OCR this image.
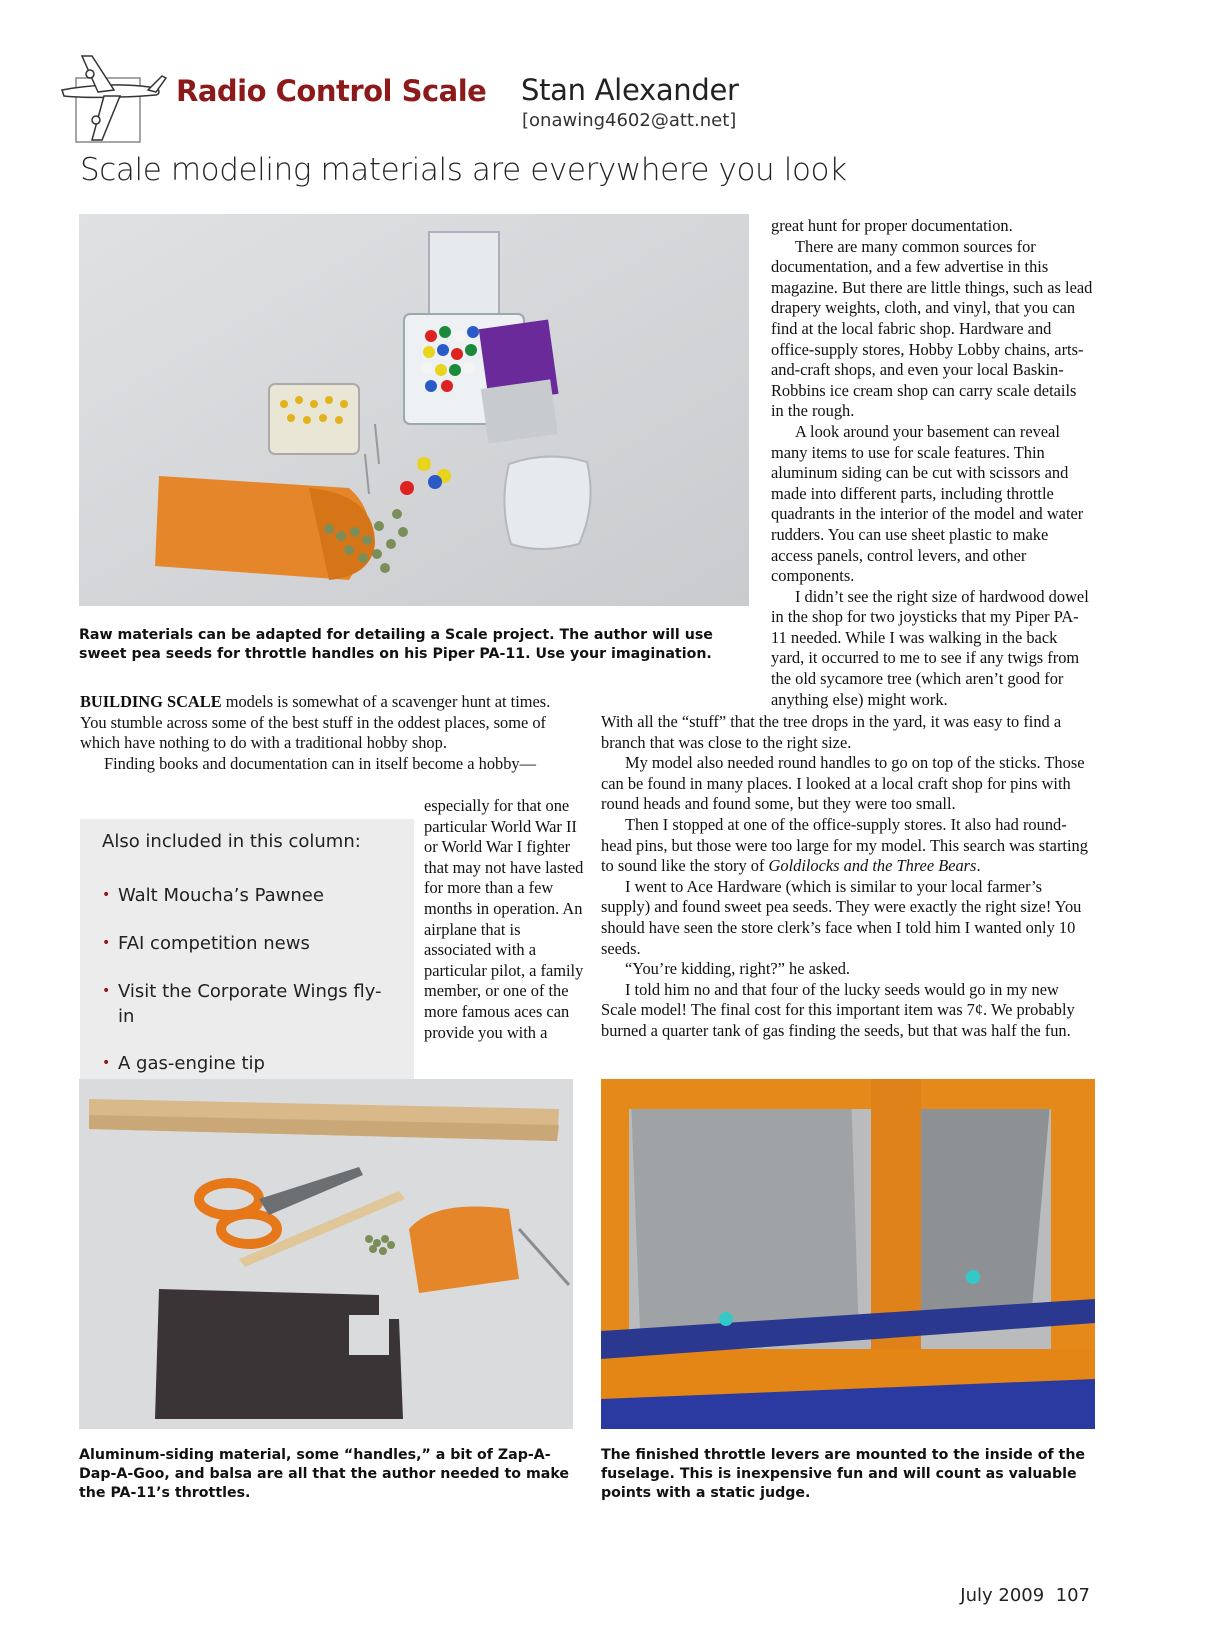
Radio Control Scale Stan Alexander
[onawing4602@att.net]
Scale modeling materials are everywhere you look
Raw materials can be adapted for detailing a Scale project. The author will use sweet pea seeds for throttle handles on his Piper PA-11. Use your imagination.

great hunt for proper documentation.

There are many common sources for documentation, and a few advertise in this magazine. But there are little things, such as lead drapery weights, cloth, and vinyl, that you can find at the local fabric shop. Hardware and office-supply stores, Hobby Lobby chains, arts-and-craft shops, and even your local Baskin-Robbins ice cream shop can carry scale details in the rough.

A look around your basement can reveal many items to use for scale features. Thin aluminum siding can be cut with scissors and made into different parts, including throttle quadrants in the interior of the model and water rudders. You can use sheet plastic to make access panels, control levers, and other components.

I didn’t see the right size of hardwood dowel in the shop for two joysticks that my Piper PA-11 needed. While I was walking in the back yard, it occurred to me to see if any twigs from the old sycamore tree (which aren’t good for anything else) might work.

BUILDING SCALE models is somewhat of a scavenger hunt at times. You stumble across some of the best stuff in the oddest places, some of which have nothing to do with a traditional hobby shop.

Finding books and documentation can in itself become a hobby—

Also included in this column:
• Walt Moucha’s Pawnee
• FAI competition news
• Visit the Corporate Wings fly-in
• A gas-engine tip
especially for that one particular World War II or World War I fighter that may not have lasted for more than a few months in operation. An airplane that is associated with a particular pilot, a family member, or one of the more famous aces can provide you with a

With all the “stuff” that the tree drops in the yard, it was easy to find a branch that was close to the right size.

My model also needed round handles to go on top of the sticks. Those can be found in many places. I looked at a local craft shop for pins with round heads and found some, but they were too small.

Then I stopped at one of the office-supply stores. It also had round-head pins, but those were too large for my model. This search was starting to sound like the story of Goldilocks and the Three Bears.

I went to Ace Hardware (which is similar to your local farmer’s supply) and found sweet pea seeds. They were exactly the right size! You should have seen the store clerk’s face when I told him I wanted only 10 seeds.

“You’re kidding, right?” he asked.

I told him no and that four of the lucky seeds would go in my new Scale model! The final cost for this important item was 7¢. We probably burned a quarter tank of gas finding the seeds, but that was half the fun.

Aluminum-siding material, some “handles,” a bit of Zap-A-Dap-A-Goo, and balsa are all that the author needed to make the PA-11’s throttles.
The finished throttle levers are mounted to the inside of the fuselage. This is inexpensive fun and will count as valuable points with a static judge.
July 2009  107
